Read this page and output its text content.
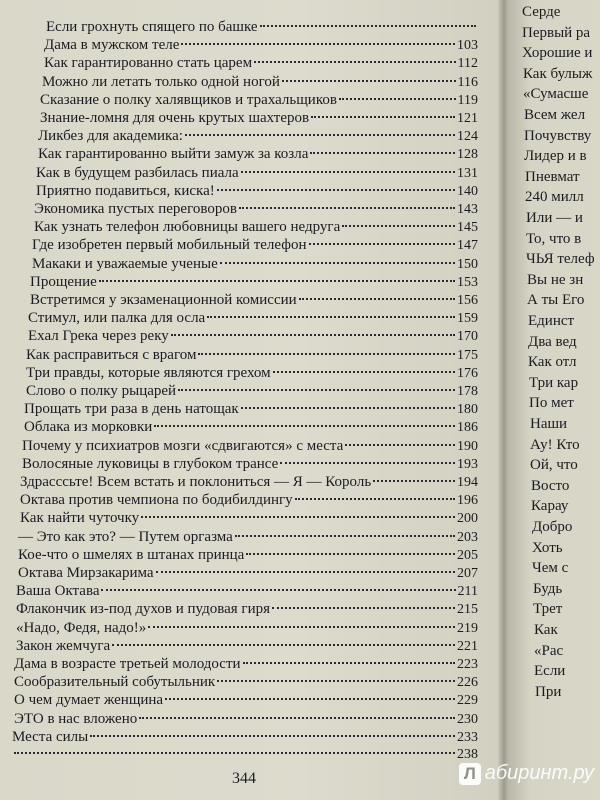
Если грохнуть спящего по башке
Дама в мужском теле	103
Как гарантированно стать царем	112
Можно ли летать только одной ногой	116
Сказание о полку халявщиков и трахальщиков	119
Знание-ломня для очень крутых шахтеров	121
Ликбез для академика:	124
Как гарантированно выйти замуж за козла	128
Как в будущем разбилась пиала	131
Приятно подавиться, киска!	140
Экономика пустых переговоров	143
Как узнать телефон любовницы вашего недруга	145
Где изобретен первый мобильный телефон	147
Макаки и уважаемые ученые	150
Прощение	153
Встретимся у экзаменационной комиссии	156
Стимул, или палка для осла	159
Ехал Грека через реку	170
Как расправиться с врагом	175
Три правды, которые являются грехом	176
Слово о полку рыцарей	178
Прощать три раза в день натощак	180
Облака из морковки	186
Почему у психиатров мозги «сдвигаются» с места	190
Волосяные луковицы в глубоком трансе	193
Здрасссьте! Всем встать и поклониться — Я — Король	194
Октава против чемпиона по бодибилдингу	196
Как найти чуточку	200
— Это как это? — Путем оргазма	203
Кое-что о шмелях в штанах принца	205
Октава Мирзакарима	207
Ваша Октава	211
Флакончик из-под духов и пудовая гиря	215
«Надо, Федя, надо!»	219
Закон жемчуга	221
Дама в возрасте третьей молодости	223
Сообразительный собутыльник	226
О чем думает женщина	229
ЭТО в нас вложено	230
Места силы	233
238
344
Серде
Первый ра
Хорошие и
Как булыж
«Сумасше
Всем жел
Почувству
Лидер и в
Пневмат
240 милл
Или — и
То, что в
ЧЬЯ телеф
Вы не зн
А ты Его
Единст
Два вед
Как отл
Три кар
По мет
Наши
Ау! Кто
Ой, что
Восто
Карау
Добро
Хоть
Чем с
Будь
Трет
Как
«Рас
Если
При
Л абиринт.ру
